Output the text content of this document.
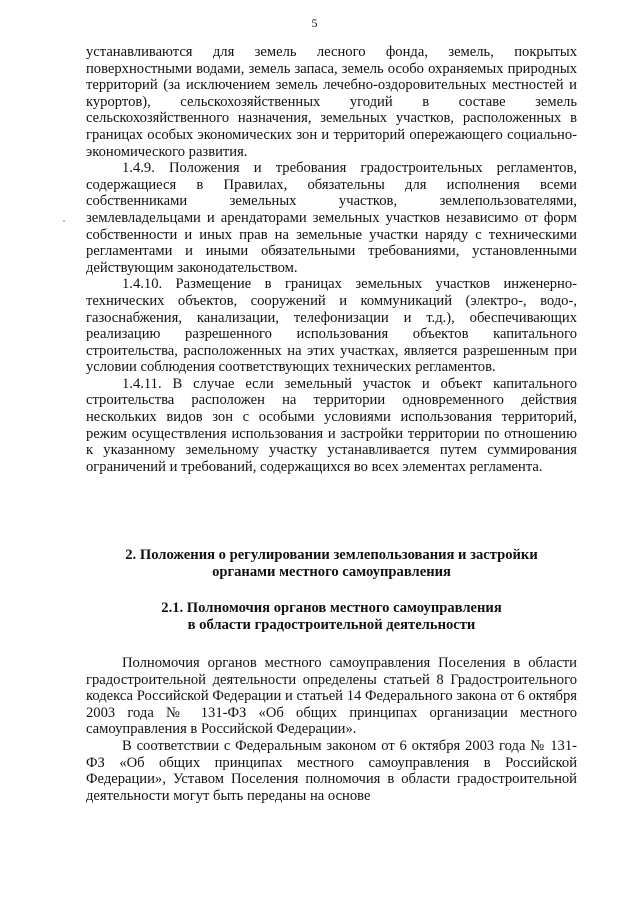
5

устанавливаются для земель лесного фонда, земель, покрытых поверхностными водами, земель запаса, земель особо охраняемых природных территорий (за исключением земель лечебно-оздоровительных местностей и курортов), сельскохозяйственных угодий в составе земель сельскохозяйственного назначения, земельных участков, расположенных в границах особых экономических зон и территорий опережающего социально-экономического развития.

1.4.9. Положения и требования градостроительных регламентов, содержащиеся в Правилах, обязательны для исполнения всеми собственниками земельных участков, землепользователями, землевладельцами и арендаторами земельных участков независимо от форм собственности и иных прав на земельные участки наряду с техническими регламентами и иными обязательными требованиями, установленными действующим законодательством.

1.4.10. Размещение в границах земельных участков инженерно-технических объектов, сооружений и коммуникаций (электро-, водо-, газоснабжения, канализации, телефонизации и т.д.), обеспечивающих реализацию разрешенного использования объектов капитального строительства, расположенных на этих участках, является разрешенным при условии соблюдения соответствующих технических регламентов.

1.4.11. В случае если земельный участок и объект капитального строительства расположен на территории одновременного действия нескольких видов зон с особыми условиями использования территорий, режим осуществления использования и застройки территории по отношению к указанному земельному участку устанавливается путем суммирования ограничений и требований, содержащихся во всех элементах регламента.

2. Положения о регулировании землепользования и застройки
органами местного самоуправления
2.1. Полномочия органов местного самоуправления
в области градостроительной деятельности

Полномочия органов местного самоуправления Поселения в области градостроительной деятельности определены статьей 8 Градостроительного кодекса Российской Федерации и статьей 14 Федерального закона от 6 октября 2003 года № 131-ФЗ «Об общих принципах организации местного самоуправления в Российской Федерации».

В соответствии с Федеральным законом от 6 октября 2003 года № 131-ФЗ «Об общих принципах местного самоуправления в Российской Федерации», Уставом Поселения полномочия в области градостроительной деятельности могут быть переданы на основе
